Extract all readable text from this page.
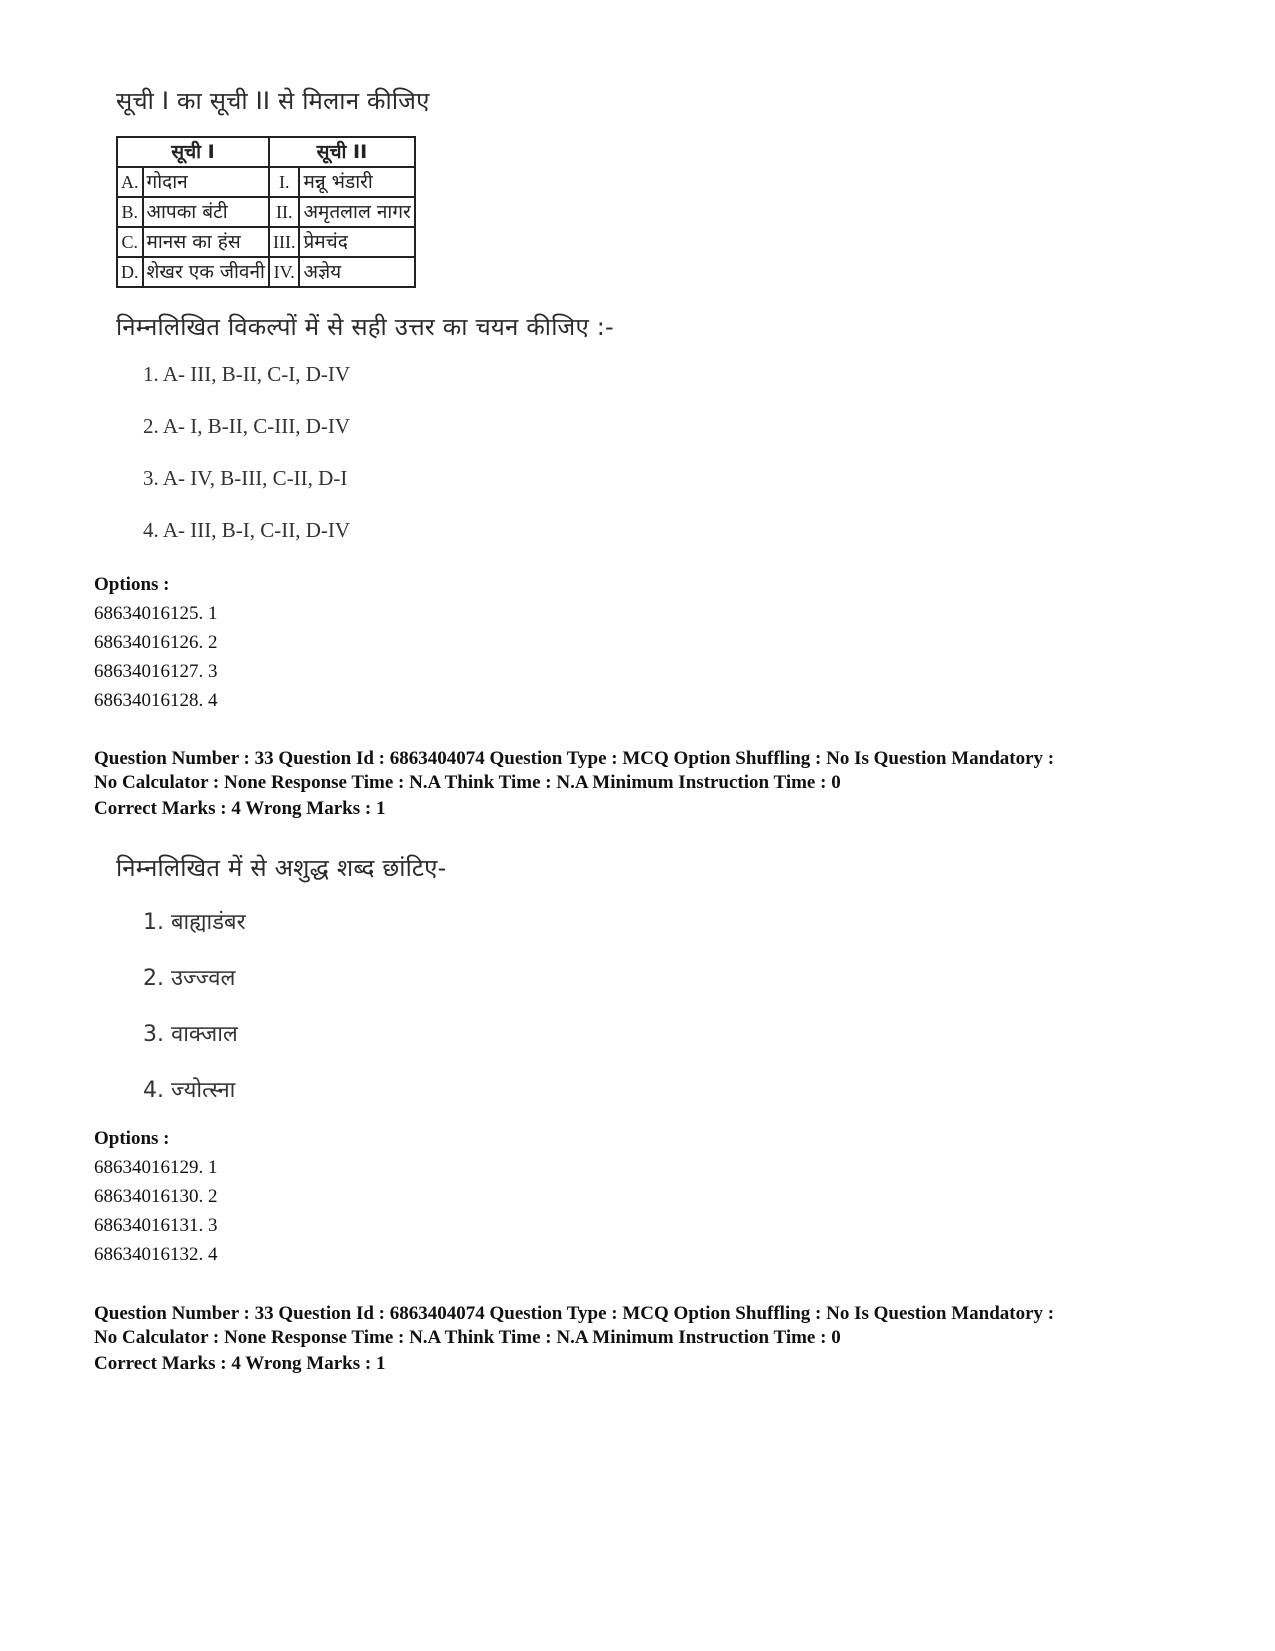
सूची I का सूची II से मिलान कीजिए
सूची I		सूची II	
A.	गोदान	I.	मन्नू भंडारी
B.	आपका बंटी	II.	अमृतलाल नागर
C.	मानस का हंस	III.	प्रेमचंद
D.	शेखर एक जीवनी	IV.	अज्ञेय
निम्नलिखित विकल्पों में से सही उत्तर का चयन कीजिए :-
1. A- III, B-II, C-I, D-IV
2. A- I, B-II, C-III, D-IV
3. A- IV, B-III, C-II, D-I
4. A- III, B-I, C-II, D-IV
Options :
68634016125. 1
68634016126. 2
68634016127. 3
68634016128. 4
Question Number : 33 Question Id : 6863404074 Question Type : MCQ Option Shuffling : No Is Question Mandatory :
No Calculator : None Response Time : N.A Think Time : N.A Minimum Instruction Time : 0
Correct Marks : 4 Wrong Marks : 1
निम्नलिखित में से अशुद्ध शब्द छांटिए-
1. बाह्याडंबर
2. उज्ज्वल
3. वाक्जाल
4. ज्योत्स्ना
Options :
68634016129. 1
68634016130. 2
68634016131. 3
68634016132. 4
Question Number : 33 Question Id : 6863404074 Question Type : MCQ Option Shuffling : No Is Question Mandatory :
No Calculator : None Response Time : N.A Think Time : N.A Minimum Instruction Time : 0
Correct Marks : 4 Wrong Marks : 1
